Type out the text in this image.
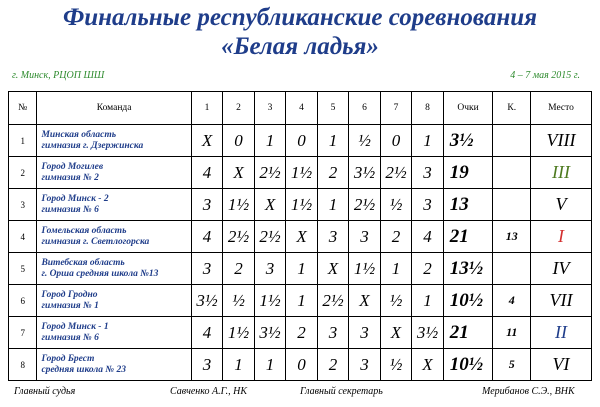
Финальные республиканские соревнования
«Белая ладья»
г. Минск, РЦОП ШШ	4 – 7 мая 2015 г.
№	Команда	1	2	3	4	5	6	7	8	Очки	К.	Место
1	Минская область
гимназия г. Дзержинска	X	0	1	0	1	½	0	1	3½		VIII
2	Город Могилев
гимназия № 2	4	X	2½	1½	2	3½	2½	3	19		III
3	Город Минск - 2
гимназия № 6	3	1½	X	1½	1	2½	½	3	13		V
4	Гомельская область
гимназия г. Светлогорска	4	2½	2½	X	3	3	2	4	21	13	I
5	Витебская область
г. Орша средняя школа №13	3	2	3	1	X	1½	1	2	13½		IV
6	Город Гродно
гимназия № 1	3½	½	1½	1	2½	X	½	1	10½	4	VII
7	Город Минск - 1
гимназия № 6	4	1½	3½	2	3	3	X	3½	21	11	II
8	Город Брест
средняя школа № 23	3	1	1	0	2	3	½	X	10½	5	VI
Главный судья	Савченко А.Г., НК	Главный секретарь	Мерибанов С.Э., ВНК
